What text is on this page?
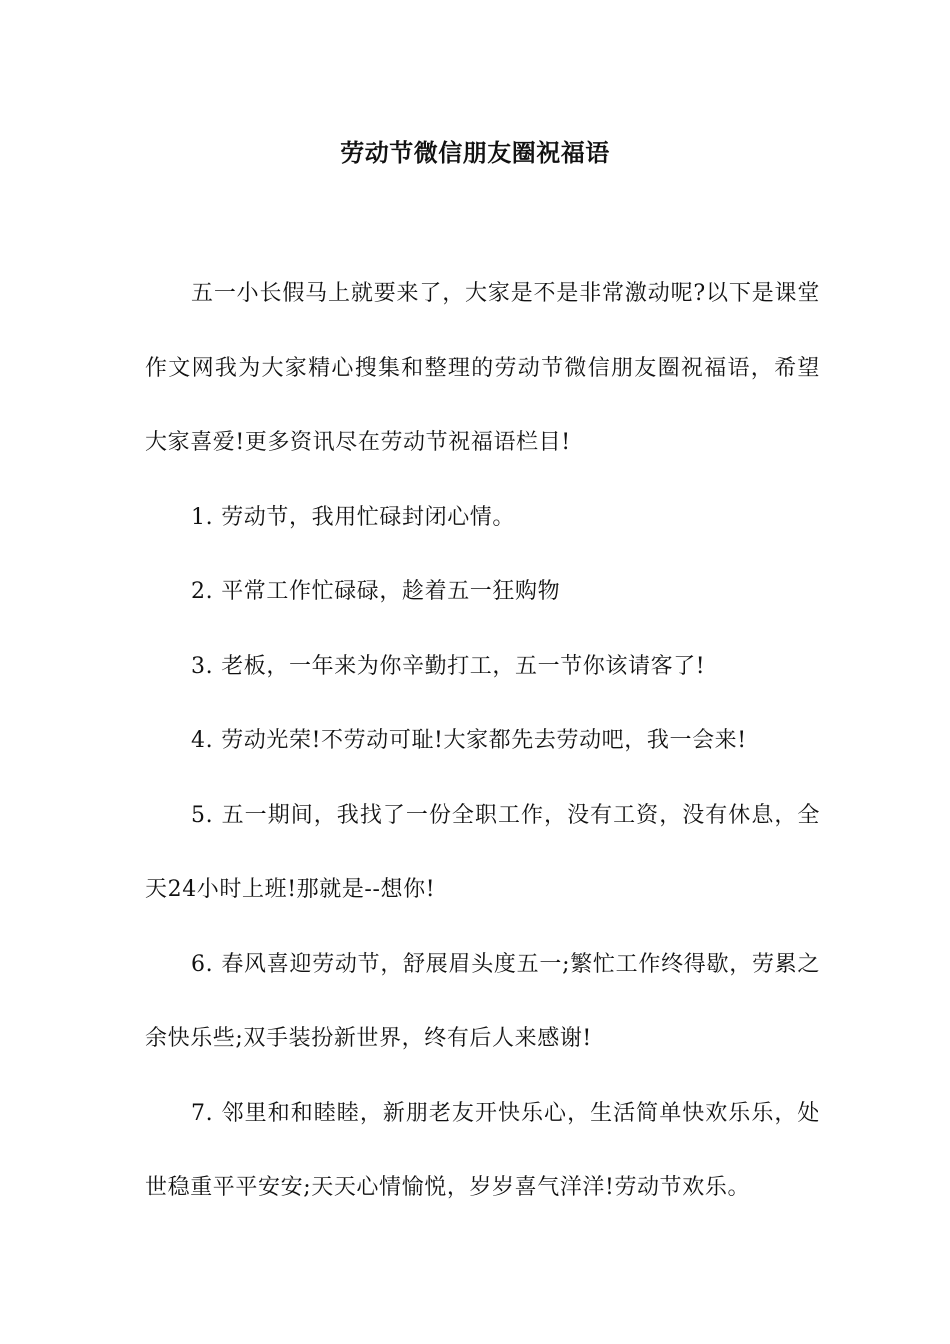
劳动节微信朋友圈祝福语

五一小长假马上就要来了，大家是不是非常激动呢?以下是课堂作文网我为大家精心搜集和整理的劳动节微信朋友圈祝福语，希望大家喜爱!更多资讯尽在劳动节祝福语栏目!

1. 劳动节，我用忙碌封闭心情。

2. 平常工作忙碌碌，趁着五一狂购物

3. 老板，一年来为你辛勤打工，五一节你该请客了!

4. 劳动光荣!不劳动可耻!大家都先去劳动吧，我一会来!

5. 五一期间，我找了一份全职工作，没有工资，没有休息，全天24小时上班!那就是--想你!

6. 春风喜迎劳动节，舒展眉头度五一;繁忙工作终得歇，劳累之余快乐些;双手装扮新世界，终有后人来感谢!

7. 邻里和和睦睦，新朋老友开快乐心，生活简单快欢乐乐，处世稳重平平安安;天天心情愉悦，岁岁喜气洋洋!劳动节欢乐。
